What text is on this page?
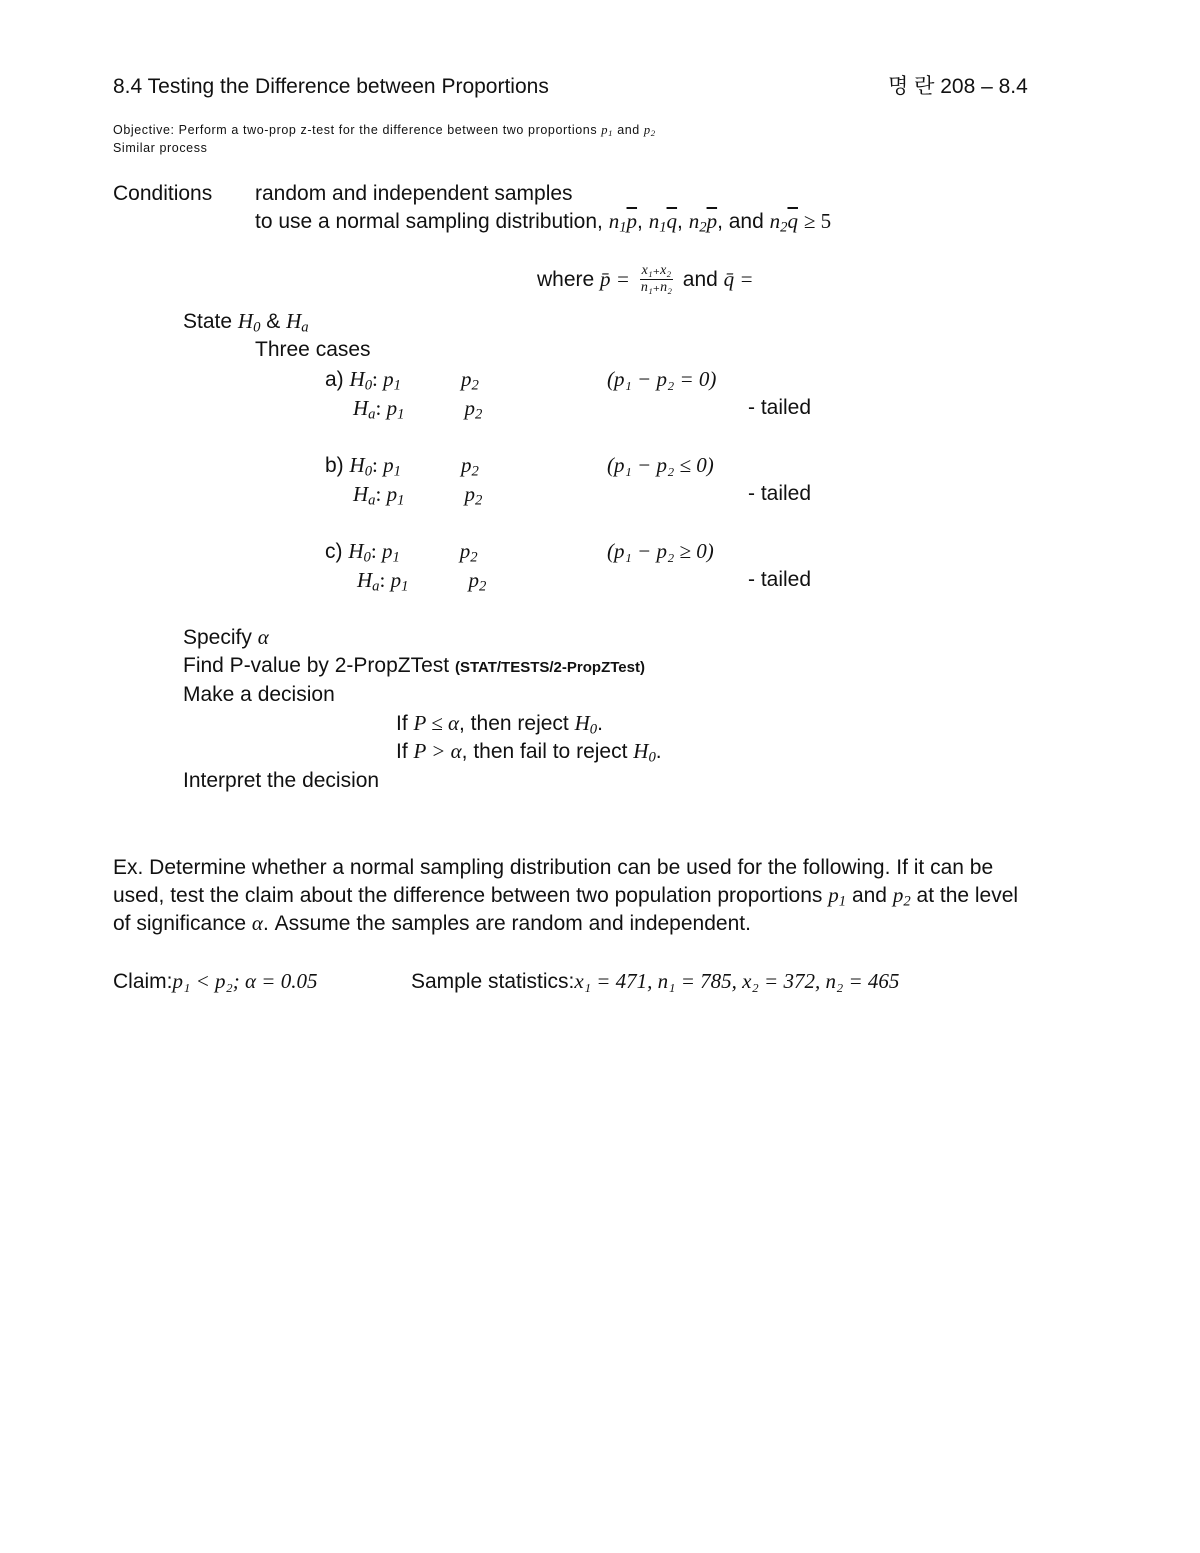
8.4 Testing the Difference between Proportions	명 란 208 – 8.4
Objective: Perform a two-prop z-test for the difference between two proportions $p_1$ and $p_2$
Similar process
Conditions random and independent samples
to use a normal sampling distribution, $n_1\overline{p}$, $n_1\overline{q}$, $n_2\overline{p}$, and $n_2\overline{q} \ge 5$
where p̄ = $\frac{\text{x₁₊x₂}}{\text{n₁₊n₂}}$ and q̄ =
State $H_0$ & $H_a$
Three cases
a) $H_0$: $p_1$	$p_2$	(p₁ − p₂ = 0)
$H_a$: $p_1$	$p_2$	- tailed
b) $H_0$: $p_1$	$p_2$	(p₁ − p₂ ≤ 0)
$H_a$: $p_1$	$p_2$	- tailed
c) $H_0$: $p_1$	$p_2$	(p₁ − p₂ ≥ 0)
$H_a$: $p_1$	$p_2$	- tailed
Specify α
Find P-value by 2-PropZTest (STAT/TESTS/2-PropZTest)
Make a decision
If P ≤ α, then reject $H_0$.
If P > α, then fail to reject $H_0$.
Interpret the decision
Ex. Determine whether a normal sampling distribution can be used for the following. If it can be
used, test the claim about the difference between two population proportions $p_1$ and $p_2$ at the level
of significance α. Assume the samples are random and independent.
Claim:p₁ < p₂; α = 0.05	Sample statistics:x₁ = 471, n₁ = 785, x₂ = 372, n₂ = 465
